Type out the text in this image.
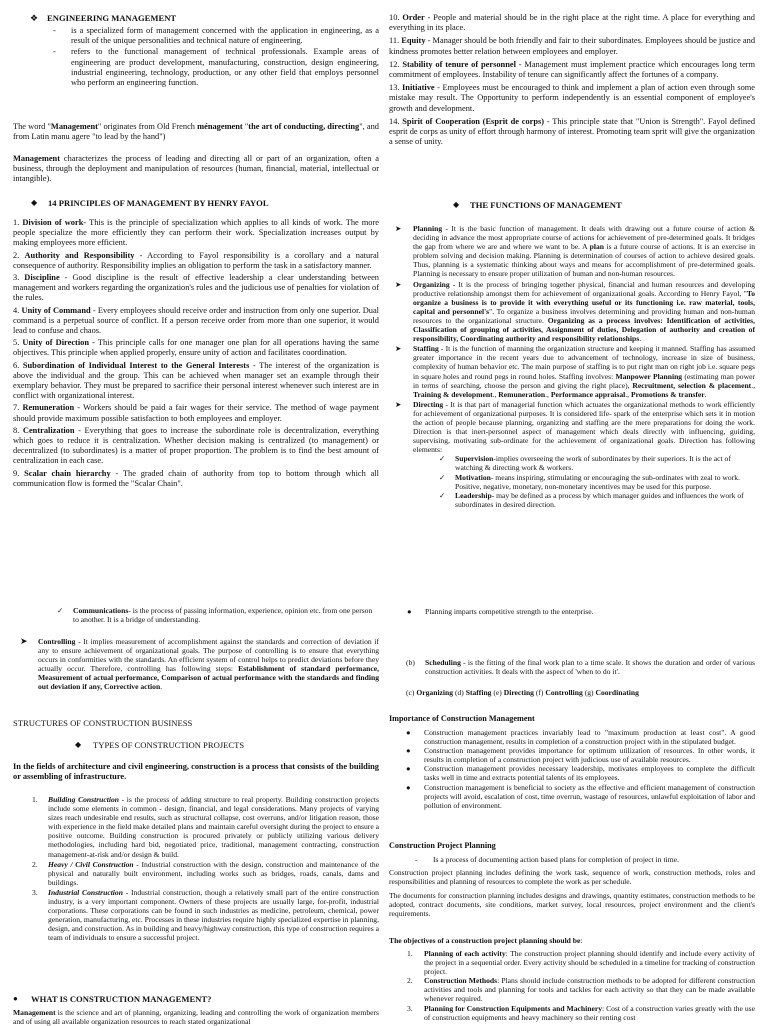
❖	ENGINEERING MANAGEMENT
-	is a specialized form of management concerned with the application in engineering, as a result of the unique personalities and technical nature of engineering.

-	refers to the functional management of technical professionals. Example areas of engineering are product development, manufacturing, construction, design engineering, industrial engineering, technology, production, or any other field that employs personnel who perform an engineering function.

The word "Management" originates from Old French ménagement "the art of conducting, directing", and from Latin manu agere "to lead by the hand")

Management characterizes the process of leading and directing all or part of an organization, often a business, through the deployment and manipulation of resources (human, financial, material, intellectual or intangible).

◆	14 PRINCIPLES OF MANAGEMENT BY HENRY FAYOL

1. Division of work- This is the principle of specialization which applies to all kinds of work. The more people specialize the more efficiently they can perform their work. Specialization increases output by making employees more efficient.

2. Authority and Responsibility - According to Fayol responsibility is a corollary and a natural consequence of authority. Responsibility implies an obligation to perform the task in a satisfactory manner.

3. Discipline - Good discipline is the result of effective leadership a clear understanding between management and workers regarding the organization's rules and the judicious use of penalties for violation of the rules.

4. Unity of Command - Every employees should receive order and instruction from only one superior. Dual command is a perpetual source of conflict. If a person receive order from more than one superior, it would lead to confuse and chaos.

5. Unity of Direction - This principle calls for one manager one plan for all operations having the same objectives. This principle when applied properly, ensure unity of action and facilitates coordination.

6. Subordination of Individual Interest to the General Interests - The interest of the organization is above the individual and the group. This can be achieved when manager set an example through their exemplary behavior. They must be prepared to sacrifice their personal interest whenever such interest are in conflict with organizational interest.

7. Remuneration - Workers should be paid a fair wages for their service. The method of wage payment should provide maximum possible satisfaction to both employees and employer.

8. Centralization - Everything that goes to increase the subordinate role is decentralization, everything which goes to reduce it is centralization. Whether decision making is centralized (to management) or decentralized (to subordinates) is a matter of proper proportion. The problem is to find the best amount of centralization in each case.

9. Scalar chain hierarchy - The graded chain of authority from top to bottom through which all communication flow is formed the "Scalar Chain".

✓	Communications- is the process of passing information, experience, opinion etc. from one person to another. It is a bridge of understanding.

➤	Controlling - It implies measurement of accomplishment against the standards and correction of deviation if any to ensure achievement of organizational goals. The purpose of controlling is to ensure that everything occurs in conformities with the standards. An efficient system of control helps to predict deviations before they actually occur. Therefore, controlling has following steps: Establishment of standard performance, Measurement of actual performance, Comparison of actual performance with the standards and finding out deviation if any, Corrective action.

STRUCTURES OF CONSTRUCTION BUSINESS

◆	TYPES OF CONSTRUCTION PROJECTS

In the fields of architecture and civil engineering, construction is a process that consists of the building or assembling of infrastructure.

1.	Building Construction - is the process of adding structure to real property. Building construction projects include some elements in common - design, financial, and legal considerations. Many projects of varying sizes reach undesirable end results, such as structural collapse, cost overruns, and/or litigation reason, those with experience in the field make detailed plans and maintain careful oversight during the project to ensure a positive outcome. Building construction is procured privately or publicly utilizing various delivery methodologies, including hard bid, negotiated price, traditional, management contracting, construction management-at-risk and/or design & build.

2.	Heavy / Civil Construction - Industrial construction with the design, construction and maintenance of the physical and naturally built environment, including works such as bridges, roads, canals, dams and buildings.

3.	Industrial Construction - Industrial construction, though a relatively small part of the entire construction industry, is a very important component. Owners of these projects are usually large, for-profit, industrial corporations. These corporations can be found in such industries as medicine, petroleum, chemical, power generation, manufacturing, etc. Processes in these industries require highly specialized expertise in planning, design, and construction. As in building and heavy/highway construction, this type of construction requires a team of individuals to ensure a successful project.

●	WHAT IS CONSTRUCTION MANAGEMENT?

Management is the science and art of planning, organizing, leading and controlling the work of organization members and of using all available organization resources to reach stated organizational

10. Order - People and material should be in the right place at the right time. A place for everything and everything in its place.

11. Equity - Manager should be both friendly and fair to their subordinates. Employees should be justice and kindness promotes better relation between employees and employer.

12. Stability of tenure of personnel - Management must implement practice which encourages long term commitment of employees. Instability of tenure can significantly affect the fortunes of a company.

13. Initiative - Employees must be encouraged to think and implement a plan of action even through some mistake may result. The Opportunity to perform independently is an essential component of employee's growth and development.

14. Spirit of Cooperation (Esprit de corps) - This principle state that "Union is Strength". Fayol defined esprit de corps as unity of effort through harmony of interest. Promoting team sprit will give the organization a sense of unity.

◆	THE FUNCTIONS OF MANAGEMENT
➤	Planning - It is the basic function of management. It deals with drawing out a future course of action & deciding in advance the most appropriate course of actions for achievement of pre-determined goals. It bridges the gap from where we are and where we want to be. A plan is a future course of actions. It is an exercise in problem solving and decision making. Planning is determination of courses of action to achieve desired goals. Thus, planning is a systematic thinking about ways and means for accomplishment of pre-determined goals. Planning is necessary to ensure proper utilization of human and non-human resources.

➤	Organizing - It is the process of bringing together physical, financial and human resources and developing productive relationship amongst them for achievement of organizational goals. According to Henry Fayol, "To organize a business is to provide it with everything useful or its functioning i.e. raw material, tools, capital and personnel's". To organize a business involves determining and providing human and non-human resources to the organizational structure. Organizing as a process involves: Identification of activities, Classification of grouping of activities, Assignment of duties, Delegation of authority and creation of responsibility, Coordinating authority and responsibility relationships.

➤	Staffing - It is the function of manning the organization structure and keeping it manned. Staffing has assumed greater importance in the recent years due to advancement of technology, increase in size of business, complexity of human behavior etc. The main purpose of staffing is to put right man on right job i.e. square pegs in square holes and round pegs in round holes. Staffing involves: Manpower Planning (estimating man power in terms of searching, choose the person and giving the right place), Recruitment, selection & placement., Training & development., Remuneration., Performance appraisal., Promotions & transfer.

➤	Directing - It is that part of managerial function which actuates the organizational methods to work efficiently for achievement of organizational purposes. It is considered life- spark of the enterprise which sets it in motion the action of people because planning, organizing and staffing are the mere preparations for doing the work. Direction is that inert-personnel aspect of management which deals directly with influencing, guiding, supervising, motivating sub-ordinate for the achievement of organizational goals. Direction has following elements:

✓	Supervision-implies overseeing the work of subordinates by their superiors. It is the act of watching & directing work & workers.

✓	Motivation- means inspiring, stimulating or encouraging the sub-ordinates with zeal to work. Positive, negative, monetary, non-monetary incentives may be used for this purpose.

✓	Leadership- may be defined as a process by which manager guides and influences the work of subordinates in desired direction.

●	Planning imparts competitive strength to the enterprise.

(b)	Scheduling - is the fitting of the final work plan to a time scale. It shows the duration and order of various construction activities. It deals with the aspect of 'when to do it'.

(c) Organizing (d) Staffing (e) Directing (f) Controlling (g) Coordinating

Importance of Construction Management

●	Construction management practices invariably lead to "maximum production at least cost". A good construction management, results in completion of a construction project with in the stipulated budget.

●	Construction management provides importance for optimum utilization of resources. In other words, it results in completion of a construction project with judicious use of available resources.

●	Construction management provides necessary leadership, motivates employees to complete the difficult tasks well in time and extracts potential talents of its employees.

●	Construction management is beneficial to society as the effective and efficient management of construction projects will avoid, escalation of cost, time overrun, wastage of resources, unlawful exploitation of labor and pollution of environment.

Construction Project Planning

-	Is a process of documenting action based plans for completion of project in time.

Construction project planning includes defining the work task, sequence of work, construction methods, roles and responsibilities and planning of resources to complete the work as per schedule.

The documents for construction planning includes designs and drawings, quantity estimates, construction methods to be adopted, contract documents, site conditions, market survey, local resources, project environment and the client's requirements.

The objectives of a construction project planning should be:

1.	Planning of each activity: The construction project planning should identify and include every activity of the project in a sequential order. Every activity should be scheduled in a timeline for tracking of construction project.

2.	Construction Methods: Plans should include construction methods to be adopted for different construction activities and tools and planning for tools and tackles for each activity so that they can be made available whenever required.

3.	Planning for Construction Equipments and Machinery: Cost of a construction varies greatly with the use of construction equipments and heavy machinery so their renting cost
